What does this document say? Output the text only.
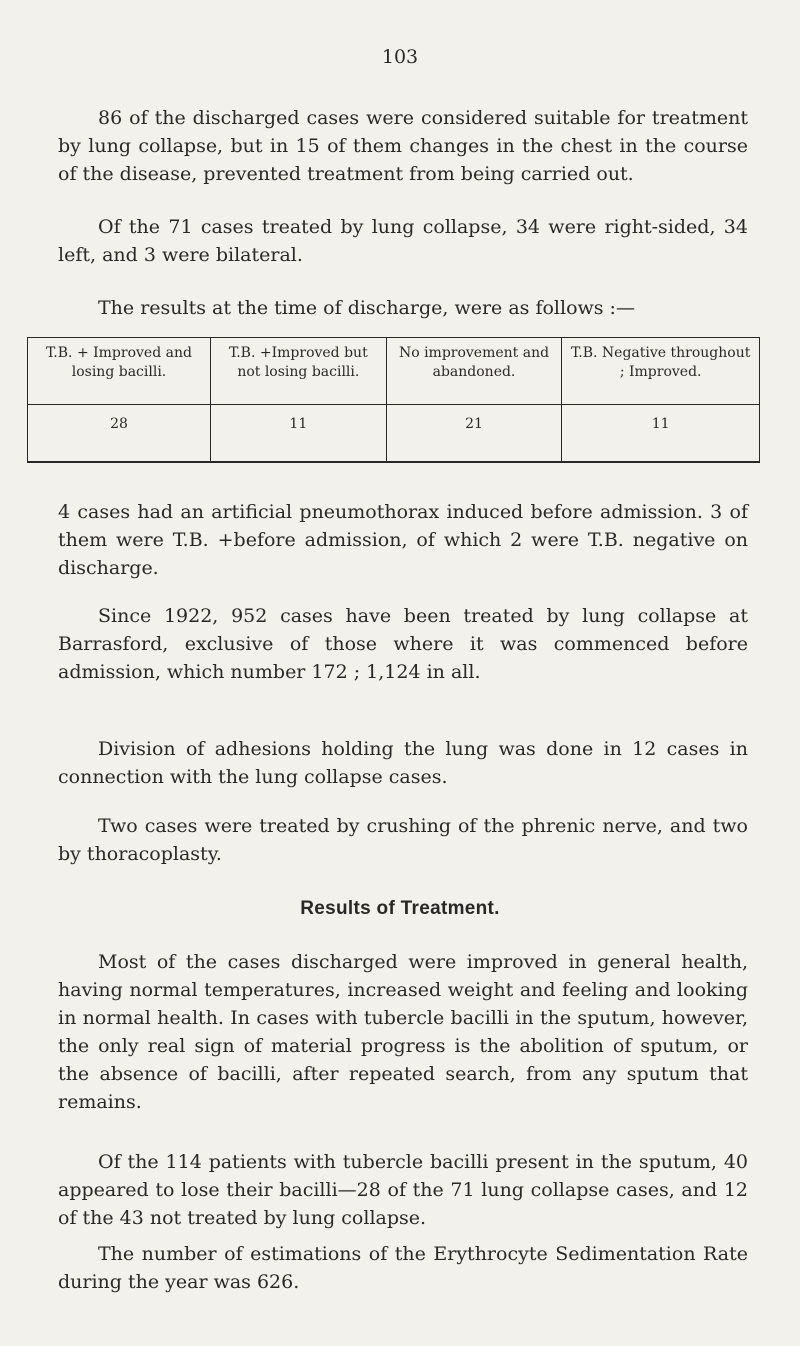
103

86 of the discharged cases were considered suitable for treatment by lung collapse, but in 15 of them changes in the chest in the course of the disease, prevented treatment from being carried out.

Of the 71 cases treated by lung collapse, 34 were right-sided, 34 left, and 3 were bilateral.

The results at the time of discharge, were as follows :—

T.B. + Improved and losing bacilli.	T.B. +Improved but not losing bacilli.	No improvement and abandoned.	T.B. Negative throughout ; Improved.
28	11	21	11

4 cases had an artificial pneumothorax induced before admission. 3 of them were T.B. +before admission, of which 2 were T.B. negative on discharge.

Since 1922, 952 cases have been treated by lung collapse at Barrasford, exclusive of those where it was commenced before admission, which number 172 ; 1,124 in all.

Division of adhesions holding the lung was done in 12 cases in connection with the lung collapse cases.

Two cases were treated by crushing of the phrenic nerve, and two by thoracoplasty.

Results of Treatment.

Most of the cases discharged were improved in general health, having normal temperatures, increased weight and feeling and looking in normal health. In cases with tubercle bacilli in the sputum, however, the only real sign of material progress is the abolition of sputum, or the absence of bacilli, after repeated search, from any sputum that remains.

Of the 114 patients with tubercle bacilli present in the sputum, 40 appeared to lose their bacilli—28 of the 71 lung collapse cases, and 12 of the 43 not treated by lung collapse.

The number of estimations of the Erythrocyte Sedimentation Rate during the year was 626.
